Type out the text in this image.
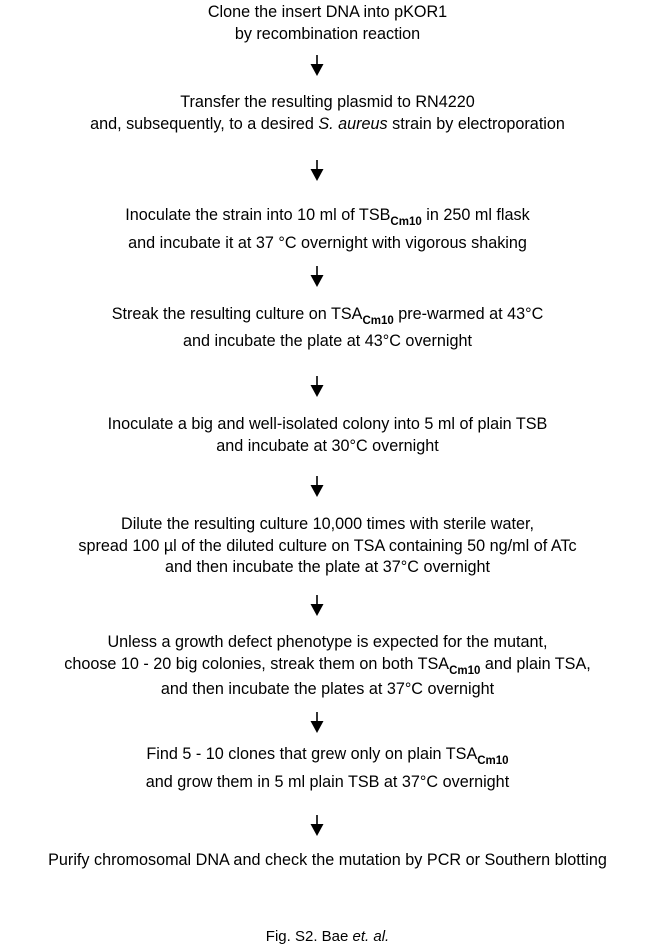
Clone the insert DNA into pKOR1
by recombination reaction
Transfer the resulting plasmid to RN4220
and, subsequently, to a desired S. aureus strain by electroporation
Inoculate the strain into 10 ml of $TSB_{Cm10}$ in 250 ml flask
and incubate it at 37 °C overnight with vigorous shaking
Streak the resulting culture on $TSA_{Cm10}$ pre-warmed at 43°C
and incubate the plate at 43°C overnight
Inoculate a big and well-isolated colony into 5 ml of plain TSB
and incubate at 30°C overnight
Dilute the resulting culture 10,000 times with sterile water,
spread 100 µl of the diluted culture on TSA containing 50 ng/ml of ATc
and then incubate the plate at 37°C overnight
Unless a growth defect phenotype is expected for the mutant,
choose 10 - 20 big colonies, streak them on both $TSA_{Cm10}$ and plain TSA,
and then incubate the plates at 37°C overnight
Find 5 - 10 clones that grew only on plain $TSA_{Cm10}$
and grow them in 5 ml plain TSB at 37°C overnight
Purify chromosomal DNA and check the mutation by PCR or Southern blotting
Fig. S2. Bae et. al.
